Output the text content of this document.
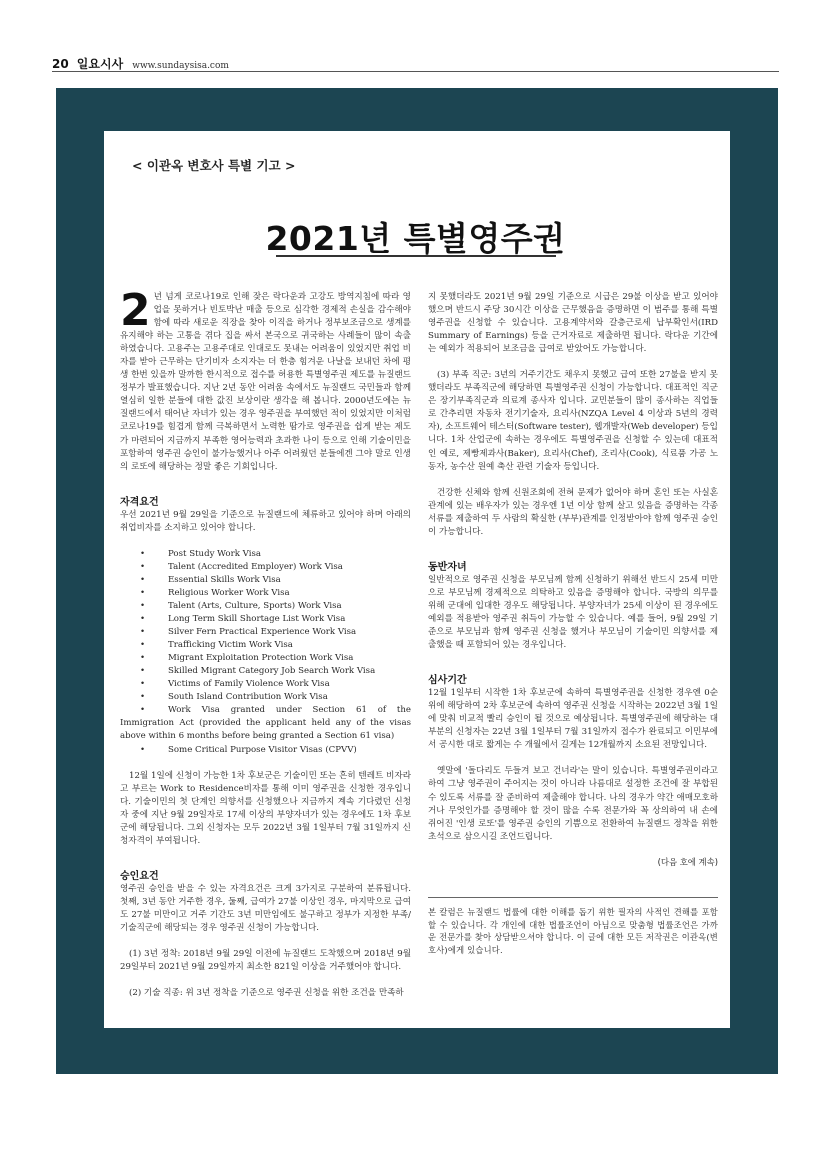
20 일요시사 www.sundaysisa.com
< 이관옥 변호사 특별 기고 >
2021년 특별영주권

2 년 넘게 코로나19로 인해 잦은 락다운과 고강도 방역지침에 따라 영업을 못하거나 빈토박난 매출 등으로 심각한 경제적 손실을 감수해야 함에 따라 새로운 직장을 찾아 이직을 하거나 정부보조금으로 생계를 유지해야 하는 고통을 겪다 집을 싸서 본국으로 귀국하는 사례들이 많이 속출하였습니다. 고용주는 고용주대로 인대로도 못내는 어려움이 있었지만 취업 비자를 받아 근무하는 단기비자 소지자는 더 한층 힘겨운 나날을 보내던 차에 평생 한번 있을까 말까한 한시적으로 접수를 허용한 특별영주권 제도를 뉴질랜드 정부가 발표했습니다. 지난 2년 동안 어려움 속에서도 뉴질랜드 국민들과 함께 열심히 일한 분들에 대한 값진 보상이란 생각을 해 봅니다. 2000년도에는 뉴질랜드에서 태어난 자녀가 있는 경우 영주권을 부여했던 적이 있었지만 이처럼 코로나19를 힘겹게 함께 극복하면서 노력한 땀가로 영주권을 쉽게 받는 제도가 마련되어 지금까지 부족한 영어능력과 초과한 나이 등으로 인해 기술이민을 포함하여 영주권 승인이 불가능했거나 아주 어려웠던 분들에겐 그야 말로 인생의 로또에 해당하는 정말 좋은 기회입니다.

자격요건

우선 2021년 9월 29일을 기준으로 뉴질랜드에 체류하고 있어야 하며 아래의 취업비자를 소지하고 있어야 합니다.

• Post Study Work Visa
• Talent (Accredited Employer) Work Visa
• Essential Skills Work Visa
• Religious Worker Work Visa
• Talent (Arts, Culture, Sports) Work Visa
• Long Term Skill Shortage List Work Visa
• Silver Fern Practical Experience Work Visa
• Trafficking Victim Work Visa
• Migrant Exploitation Protection Work Visa
• Skilled Migrant Category Job Search Work Visa
• Victims of Family Violence Work Visa
• South Island Contribution Work Visa
• Work Visa granted under Section 61 of the Immigration Act (provided the applicant held any of the visas above within 6 months before being granted a Section 61 visa)
• Some Critical Purpose Visitor Visas (CPVV)

12월 1일에 신청이 가능한 1차 후보군은 기술이민 또는 흔히 텐레트 비자라고 부르는 Work to Residence비자를 통해 이미 영주권을 신청한 경우입니다. 기술이민의 첫 단계인 의향서를 신청했으나 지금까지 계속 기다렸던 신청자 중에 지난 9월 29일자로 17세 이상의 부양자녀가 있는 경우에도 1차 후보군에 해당됩니다. 그외 신청자는 모두 2022년 3월 1일부터 7월 31일까지 신청자격이 부여됩니다.

승인요건

영주권 승인을 받을 수 있는 자격요건은 크게 3가지로 구분하여 분류됩니다. 첫째, 3년 동안 거주한 경우, 둘째, 급여가 27불 이상인 경우, 마지막으로 급여도 27불 미만이고 거주 기간도 3년 미만임에도 불구하고 정부가 지정한 부족/기술직군에 해당되는 경우 영주권 신청이 가능합니다.

(1) 3년 정착: 2018년 9월 29일 이전에 뉴질랜드 도착했으며 2018년 9월 29일부터 2021년 9월 29일까지 최소한 821일 이상을 거주했어야 합니다.

(2) 기술 직종: 위 3년 정착을 기준으로 영주권 신청을 위한 조건을 만족하

지 못했더라도 2021년 9월 29일 기준으로 시급은 29불 이상을 받고 있어야 했으며 반드시 주당 30시간 이상을 근무했음을 증명하면 이 범주를 통해 특별영주권을 신청할 수 있습니다. 고용계약서와 갈층근로세 납부확인서(IRD Summary of Earnings) 등을 근거자료로 제출하면 됩니다. 락다운 기간에는 예외가 적용되어 보조금을 급여로 받았어도 가능합니다.

(3) 부족 직군: 3년의 거주기간도 채우지 못했고 급여 또한 27불을 받지 못했더라도 부족직군에 해당하면 특별영주권 신청이 가능합니다. 대표적인 직군은 장기부족직군과 의료계 종사자 입니다. 교민분들이 많이 종사하는 직업들로 간추리면 자동차 전기기술자, 요리사(NZQA Level 4 이상과 5년의 경력자), 소프트웨어 테스터(Software tester), 웹개발자(Web developer) 등입니다. 1차 산업군에 속하는 경우에도 특별영주권을 신청할 수 있는데 대표적인 예로, 제빵제과사(Baker), 요리사(Chef), 조리사(Cook), 식료품 가공 노동자, 농수산 원예 축산 관련 기술자 등입니다.

건강한 신체와 함께 신원조회에 전혀 문제가 없어야 하며 혼인 또는 사실혼 관계에 있는 배우자가 있는 경우엔 1년 이상 함께 살고 있음을 증명하는 각종 서류를 제출하여 두 사람의 확실한 (부부)관계를 인정받아야 함께 영주권 승인이 가능합니다.

동반자녀

일반적으로 영주권 신청을 부모님께 함께 신청하기 위해선 반드시 25세 미만으로 부모님께 경제적으로 의탁하고 있음을 증명해야 합니다. 국방의 의무를 위해 군대에 입대한 경우도 해당됩니다. 부양자녀가 25세 이상이 된 경우에도 예외를 적용받아 영주권 취득이 가능할 수 있습니다. 예를 들어, 9월 29일 기준으로 부모님과 함께 영주권 신청을 했거나 부모님이 기술이민 의향서를 제출했을 때 포함되어 있는 경우입니다.

심사기간

12월 1일부터 시작한 1차 후보군에 속하여 특별영주권을 신청한 경우엔 0순위에 해당하여 2차 후보군에 속하여 영주권 신청을 시작하는 2022년 3월 1일에 맞춰 비교적 빨리 승인이 될 것으로 예상됩니다. 특별영주권에 해당하는 대부분의 신청자는 22년 3월 1일부터 7월 31일까지 접수가 완료되고 이민부에서 공시한 대로 짧게는 수 개월에서 길게는 12개월까지 소요된 전망입니다.

옛말에 '돌다리도 두들겨 보고 건너라'는 말이 있습니다. 특별영주권이라고 하여 그냥 영주권이 주어지는 것이 아니라 나름대로 설정한 조건에 잘 부합된 수 있도록 서류를 잘 준비하여 제출해야 합니다. 나의 경우가 약간 애매모호하거나 무엇인가를 증명해야 할 것이 많을 수록 전문가와 꼭 상의하여 내 손에 쥐어진 '인생 로또'를 영주권 승인의 기쁨으로 전환하여 뉴질랜드 정착을 위한 초석으로 삼으시길 조언드립니다.

(다음 호에 계속)
본 칼럼은 뉴질랜드 법률에 대한 이해를 돕기 위한 필자의 사적인 견해를 포함할 수 있습니다. 각 개인에 대한 법률조언이 아님으로 맞춤형 법률조언은 가까운 전문가를 찾아 상담받으셔야 합니다. 이 글에 대한 모든 저작권은 이관옥(변호사)에게 있습니다.
